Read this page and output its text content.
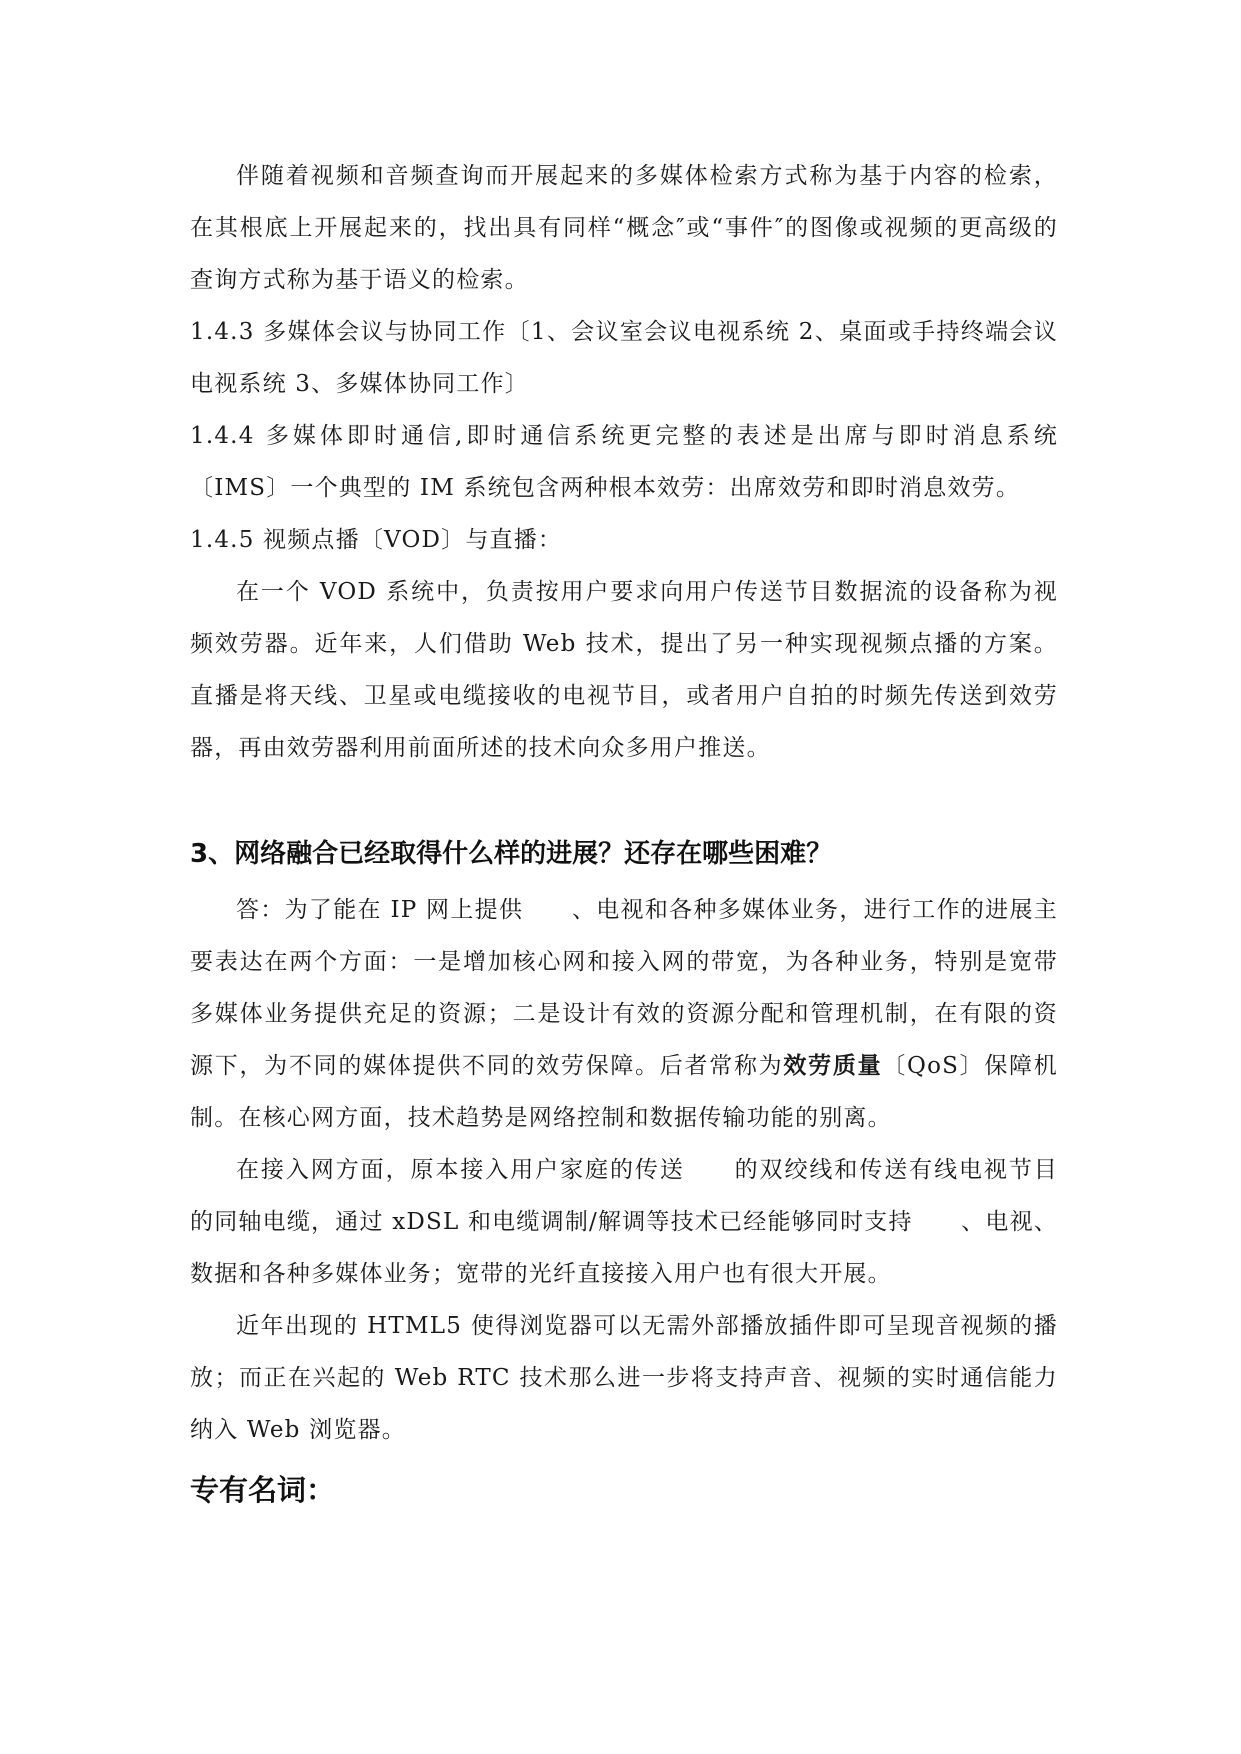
伴随着视频和音频查询而开展起来的多媒体检索方式称为基于内容的检索，在其根底上开展起来的，找出具有同样“概念″或“事件″的图像或视频的更高级的查询方式称为基于语义的检索。

1.4.3 多媒体会议与协同工作〔1、会议室会议电视系统 2、桌面或手持终端会议电视系统 3、多媒体协同工作〕

1.4.4 多媒体即时通信,即时通信系统更完整的表述是出席与即时消息系统〔IMS〕一个典型的 IM 系统包含两种根本效劳：出席效劳和即时消息效劳。

1.4.5 视频点播〔VOD〕与直播：

在一个 VOD 系统中，负责按用户要求向用户传送节目数据流的设备称为视频效劳器。近年来，人们借助 Web 技术，提出了另一种实现视频点播的方案。直播是将天线、卫星或电缆接收的电视节目，或者用户自拍的时频先传送到效劳器，再由效劳器利用前面所述的技术向众多用户推送。

3、网络融合已经取得什么样的进展？还存在哪些困难？

答：为了能在 IP 网上提供　　、电视和各种多媒体业务，进行工作的进展主要表达在两个方面：一是增加核心网和接入网的带宽，为各种业务，特别是宽带多媒体业务提供充足的资源；二是设计有效的资源分配和管理机制，在有限的资源下，为不同的媒体提供不同的效劳保障。后者常称为效劳质量〔QoS〕保障机制。在核心网方面，技术趋势是网络控制和数据传输功能的别离。

在接入网方面，原本接入用户家庭的传送　　的双绞线和传送有线电视节目的同轴电缆，通过 xDSL 和电缆调制/解调等技术已经能够同时支持　　、电视、数据和各种多媒体业务；宽带的光纤直接接入用户也有很大开展。

近年出现的 HTML5 使得浏览器可以无需外部播放插件即可呈现音视频的播放；而正在兴起的 Web RTC 技术那么进一步将支持声音、视频的实时通信能力纳入 Web 浏览器。

专有名词：
